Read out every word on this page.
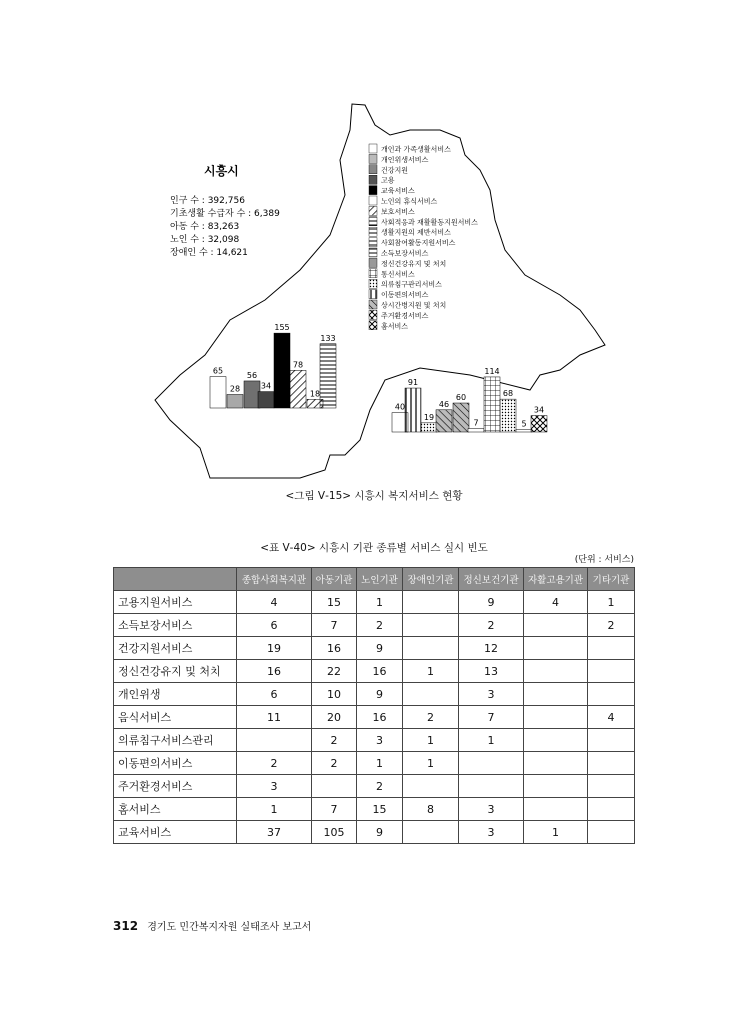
시흥시
인구 수 : 392,756
기초생활 수급자 수 : 6,389
아동 수 : 83,263
노인 수 : 32,098
장애인 수 : 14,621
개인과 가족생활서비스
개인위생서비스
건강지원
고용
교육서비스
노인의 휴식서비스
보호서비스
사회적응과 재활활동지원서비스
생활지원의 제반서비스
사회참여활동지원서비스
소득보장서비스
정신건강유지 및 처치
통신서비스
의류침구관리서비스
이동편의서비스
상시간병지원 및 처치
주거환경서비스
홈서비스
65
28
56
34
155
78
133
18
40
91
19
46
60
7
114
68
5
34
<그림 Ⅴ-15> 시흥시 복지서비스 현황
<표 Ⅴ-40> 시흥시 기관 종류별 서비스 실시 빈도
(단위 : 서비스)
	종합사회복지관	아동기관	노인기관	장애인기관	정신보건기관	자활고용기관	기타기관
고용지원서비스	4	15	1		9	4	1
소득보장서비스	6	7	2		2		2
건강지원서비스	19	16	9		12		
정신건강유지 및 처치	16	22	16	1	13		
개인위생	6	10	9		3		
음식서비스	11	20	16	2	7		4
의류침구서비스관리		2	3	1	1		
이동편의서비스	2	2	1	1			
주거환경서비스	3		2				
홈서비스	1	7	15	8	3		
교육서비스	37	105	9		3	1	
312 경기도 민간복지자원 실태조사 보고서
